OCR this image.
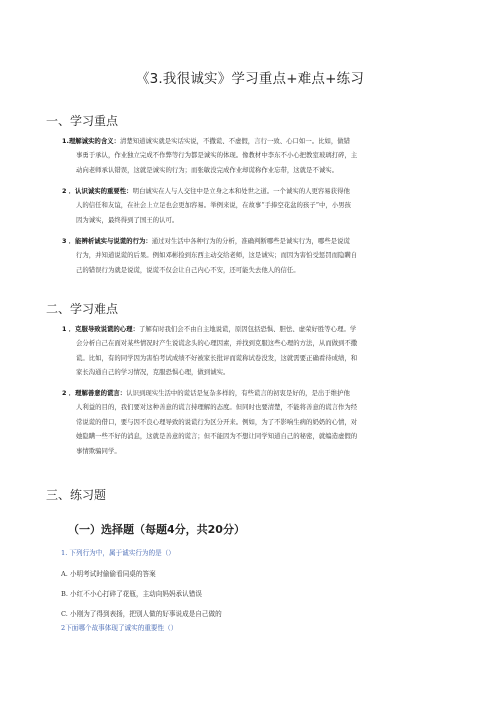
《3.我很诚实》学习重点+难点+练习
一、学习重点
1.理解诚实的含义：清楚知道诚实就是实话实说，不撒谎、不虚假，言行一致、心口如一。比如，做错
事勇于承认，作业独立完成不作弊等行为都是诚实的体现。像教材中李东不小心把教室玻璃打碎，主
动向老师承认错误，这就是诚实的行为；而张敏没完成作业却谎称作业忘带，这就是不诚实。
2 ．认识诚实的重要性：明白诚实在人与人交往中是立身之本和处世之道。一个诚实的人更容易获得他
人的信任和友谊，在社会上立足也会更加容易。举例来说，在故事“手捧空花盆的孩子”中，小男孩
因为诚实，最终得到了国王的认可。
3 ．能辨析诚实与说谎的行为：通过对生活中各种行为的分析，准确判断哪些是诚实行为，哪些是说谎
行为，并知道说谎的后果。例如邓彬捡到东西主动交给老师，这是诚实；而因为害怕受惩罚而隐瞒自
己的错误行为就是说谎，说谎不仅会让自己内心不安，还可能失去他人的信任。
二、学习难点
1 ．克服导致说谎的心理：了解有时我们会不由自主地说谎，原因包括恐惧、胆怯、虚荣好胜等心理。学
会分析自己在面对某些情况时产生说谎念头的心理因素，并找到克服这些心理的方法，从而做到不撒
谎。比如，有的同学因为害怕考试成绩不好被家长批评而谎称试卷没发，这就需要正确看待成绩，和
家长沟通自己的学习情况，克服恐惧心理，做到诚实。
2 ．理解善意的谎言：认识到现实生活中的谎话是复杂多样的，有些谎言的初衷是好的，是出于维护他
人利益的目的，我们要对这种善意的谎言持理解的态度。但同时也要清楚，不能将善意的谎言作为经
常说谎的借口，要与因不良心理导致的说谎行为区分开来。例如，为了不影响生病的奶奶的心情，对
她隐瞒一些不好的消息，这就是善意的谎言；但不能因为不想让同学知道自己的秘密，就编造虚假的
事情欺骗同学。
三、练习题
（一）选择题（每题4分，共20分）
1. 下列行为中，属于诚实行为的是（）
A. 小明考试时偷偷看同桌的答案
B. 小红不小心打碎了花瓶，主动向妈妈承认错误
C. 小刚为了得到表扬，把别人做的好事说成是自己做的
2下面哪个故事体现了诚实的重要性（）
